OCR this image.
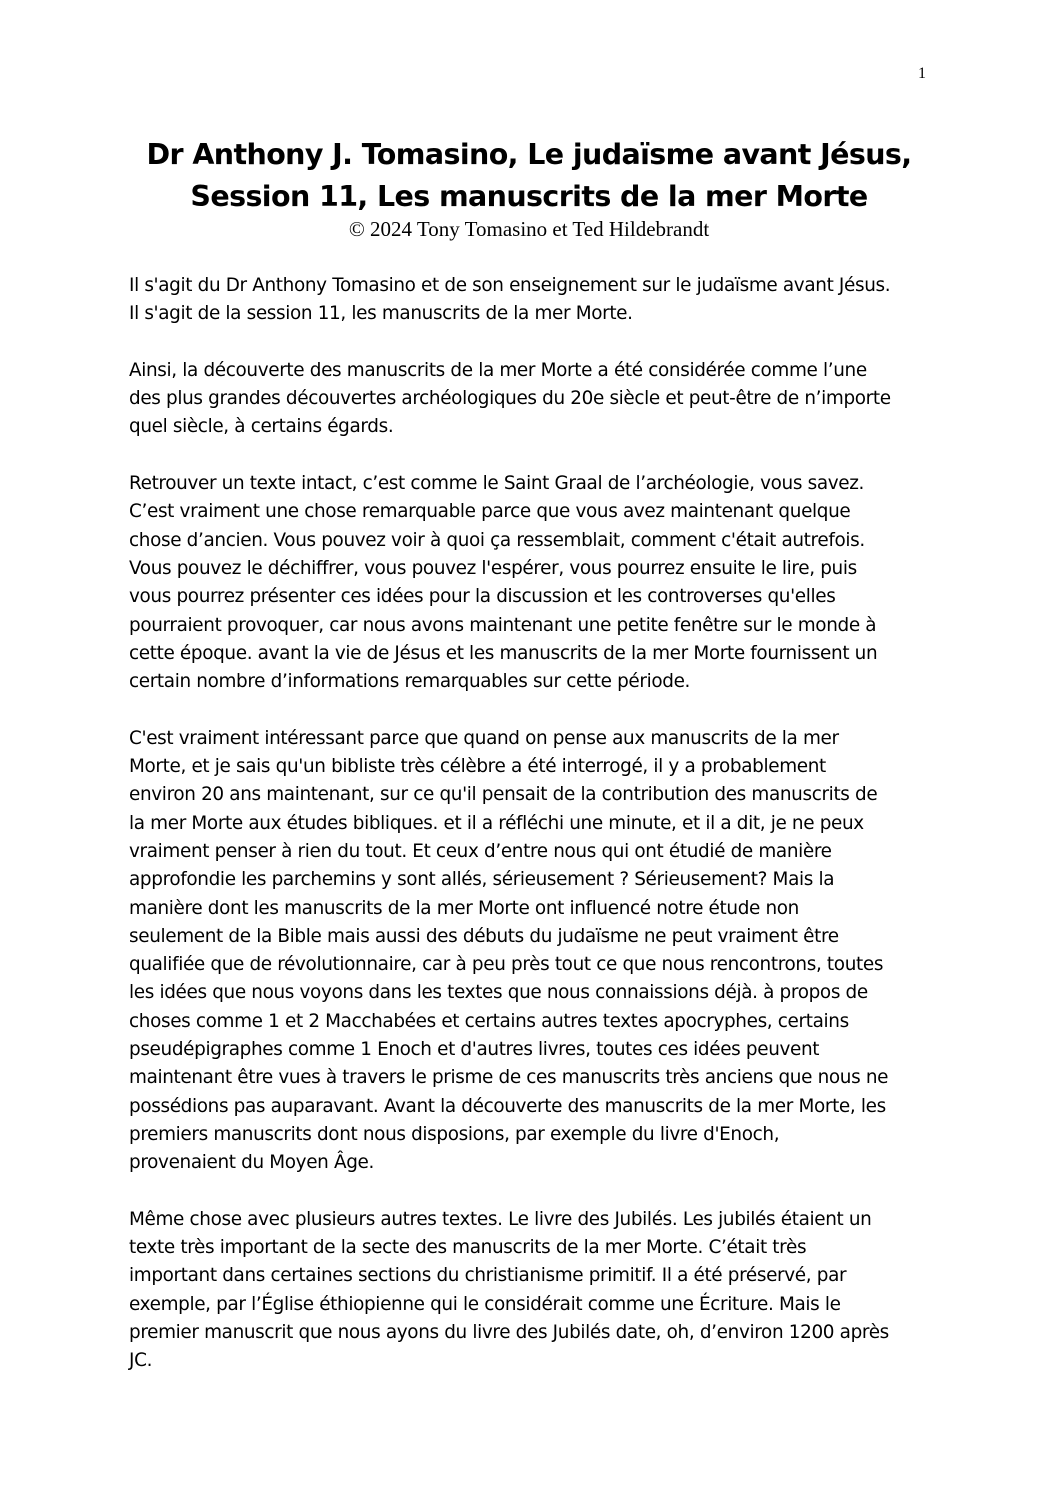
1
Dr Anthony J. Tomasino, Le judaïsme avant Jésus,
Session 11, Les manuscrits de la mer Morte
© 2024 Tony Tomasino et Ted Hildebrandt
Il s'agit du Dr Anthony Tomasino et de son enseignement sur le judaïsme avant Jésus.
Il s'agit de la session 11, les manuscrits de la mer Morte.
Ainsi, la découverte des manuscrits de la mer Morte a été considérée comme l’une
des plus grandes découvertes archéologiques du 20e siècle et peut-être de n’importe
quel siècle, à certains égards.
Retrouver un texte intact, c’est comme le Saint Graal de l’archéologie, vous savez.
C’est vraiment une chose remarquable parce que vous avez maintenant quelque
chose d’ancien. Vous pouvez voir à quoi ça ressemblait, comment c'était autrefois.
Vous pouvez le déchiffrer, vous pouvez l'espérer, vous pourrez ensuite le lire, puis
vous pourrez présenter ces idées pour la discussion et les controverses qu'elles
pourraient provoquer, car nous avons maintenant une petite fenêtre sur le monde à
cette époque. avant la vie de Jésus et les manuscrits de la mer Morte fournissent un
certain nombre d’informations remarquables sur cette période.
C'est vraiment intéressant parce que quand on pense aux manuscrits de la mer
Morte, et je sais qu'un bibliste très célèbre a été interrogé, il y a probablement
environ 20 ans maintenant, sur ce qu'il pensait de la contribution des manuscrits de
la mer Morte aux études bibliques. et il a réfléchi une minute, et il a dit, je ne peux
vraiment penser à rien du tout. Et ceux d’entre nous qui ont étudié de manière
approfondie les parchemins y sont allés, sérieusement ? Sérieusement? Mais la
manière dont les manuscrits de la mer Morte ont influencé notre étude non
seulement de la Bible mais aussi des débuts du judaïsme ne peut vraiment être
qualifiée que de révolutionnaire, car à peu près tout ce que nous rencontrons, toutes
les idées que nous voyons dans les textes que nous connaissions déjà. à propos de
choses comme 1 et 2 Macchabées et certains autres textes apocryphes, certains
pseudépigraphes comme 1 Enoch et d'autres livres, toutes ces idées peuvent
maintenant être vues à travers le prisme de ces manuscrits très anciens que nous ne
possédions pas auparavant. Avant la découverte des manuscrits de la mer Morte, les
premiers manuscrits dont nous disposions, par exemple du livre d'Enoch,
provenaient du Moyen Âge.
Même chose avec plusieurs autres textes. Le livre des Jubilés. Les jubilés étaient un
texte très important de la secte des manuscrits de la mer Morte. C’était très
important dans certaines sections du christianisme primitif. Il a été préservé, par
exemple, par l’Église éthiopienne qui le considérait comme une Écriture. Mais le
premier manuscrit que nous ayons du livre des Jubilés date, oh, d’environ 1200 après
JC.
